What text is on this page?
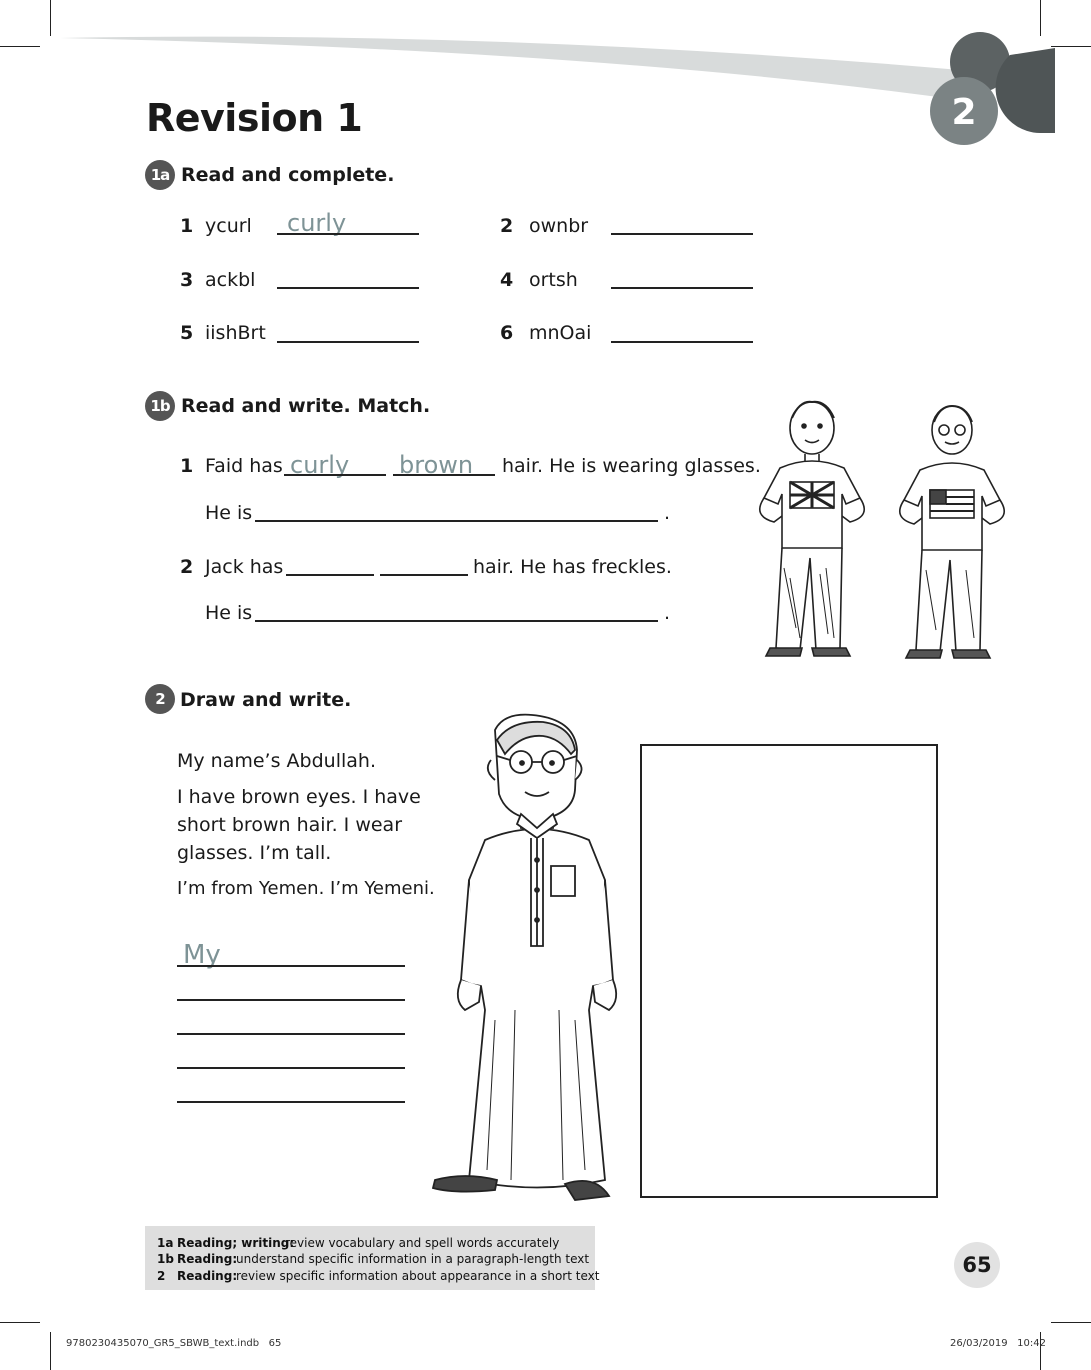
2
Revision 1
1a Read and complete.
1 ycurl curly	2 ownbr
3 ackbl	4 ortsh
5 iishBrt	6 mnOai
1b Read and write. Match.
1 Faid has curly brown hair. He is wearing glasses.
He is	.
2 Jack has	hair. He has freckles.
He is	.
2 Draw and write.
My name’s Abdullah.
I have brown eyes. I have short brown hair. I wear glasses. I’m tall.
I’m from Yemen. I’m Yemeni.
My
1a Reading; writing:
review vocabulary and spell words accurately
1b Reading:
understand specific information in a paragraph-length text
2 Reading:
review specific information about appearance in a short text	65
9780230435070_GR5_SBWB_text.indb   65	26/03/2019   10:42
